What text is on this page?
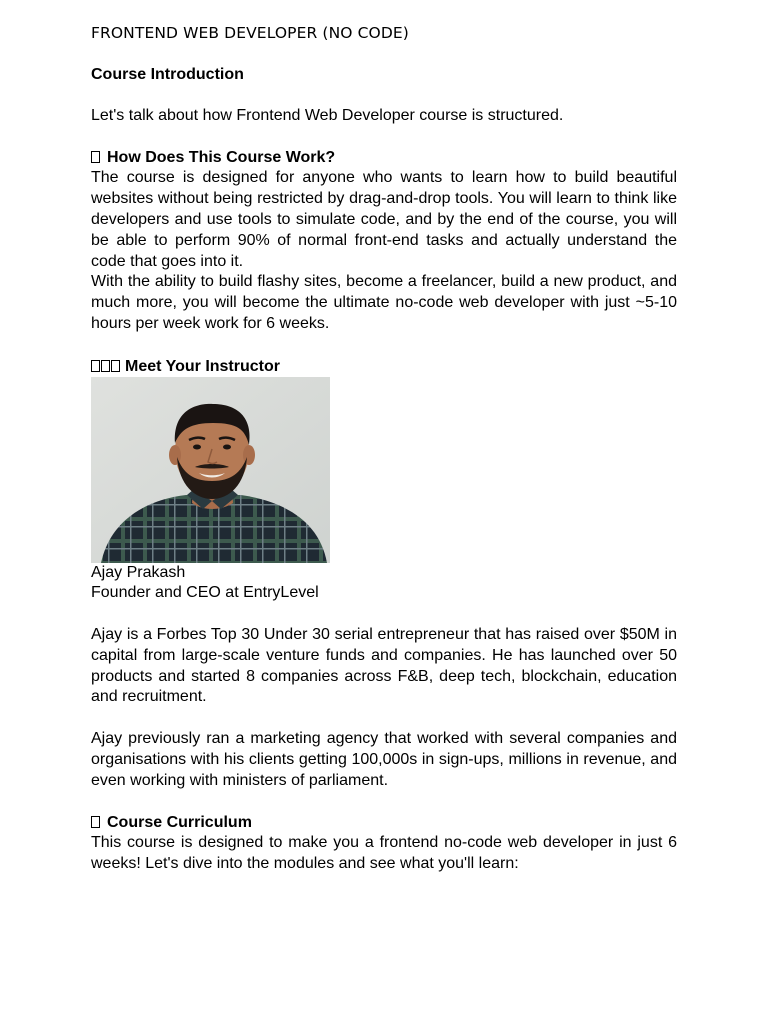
FRONTEND WEB DEVELOPER (NO CODE)
Course Introduction

Let's talk about how Frontend Web Developer course is structured.

How Does This Course Work?

The course is designed for anyone who wants to learn how to build beautiful websites without being restricted by drag-and-drop tools. You will learn to think like developers and use tools to simulate code, and by the end of the course, you will be able to perform 90% of normal front-end tasks and actually understand the code that goes into it.

With the ability to build flashy sites, become a freelancer, build a new product, and much more, you will become the ultimate no-code web developer with just ~5-10 hours per week work for 6 weeks.

Meet Your Instructor

Ajay Prakash

Founder and CEO at EntryLevel

Ajay is a Forbes Top 30 Under 30 serial entrepreneur that has raised over $50M in capital from large-scale venture funds and companies. He has launched over 50 products and started 8 companies across F&B, deep tech, blockchain, education and recruitment.

Ajay previously ran a marketing agency that worked with several companies and organisations with his clients getting 100,000s in sign-ups, millions in revenue, and even working with ministers of parliament.

Course Curriculum

This course is designed to make you a frontend no-code web developer in just 6 weeks! Let's dive into the modules and see what you'll learn:
